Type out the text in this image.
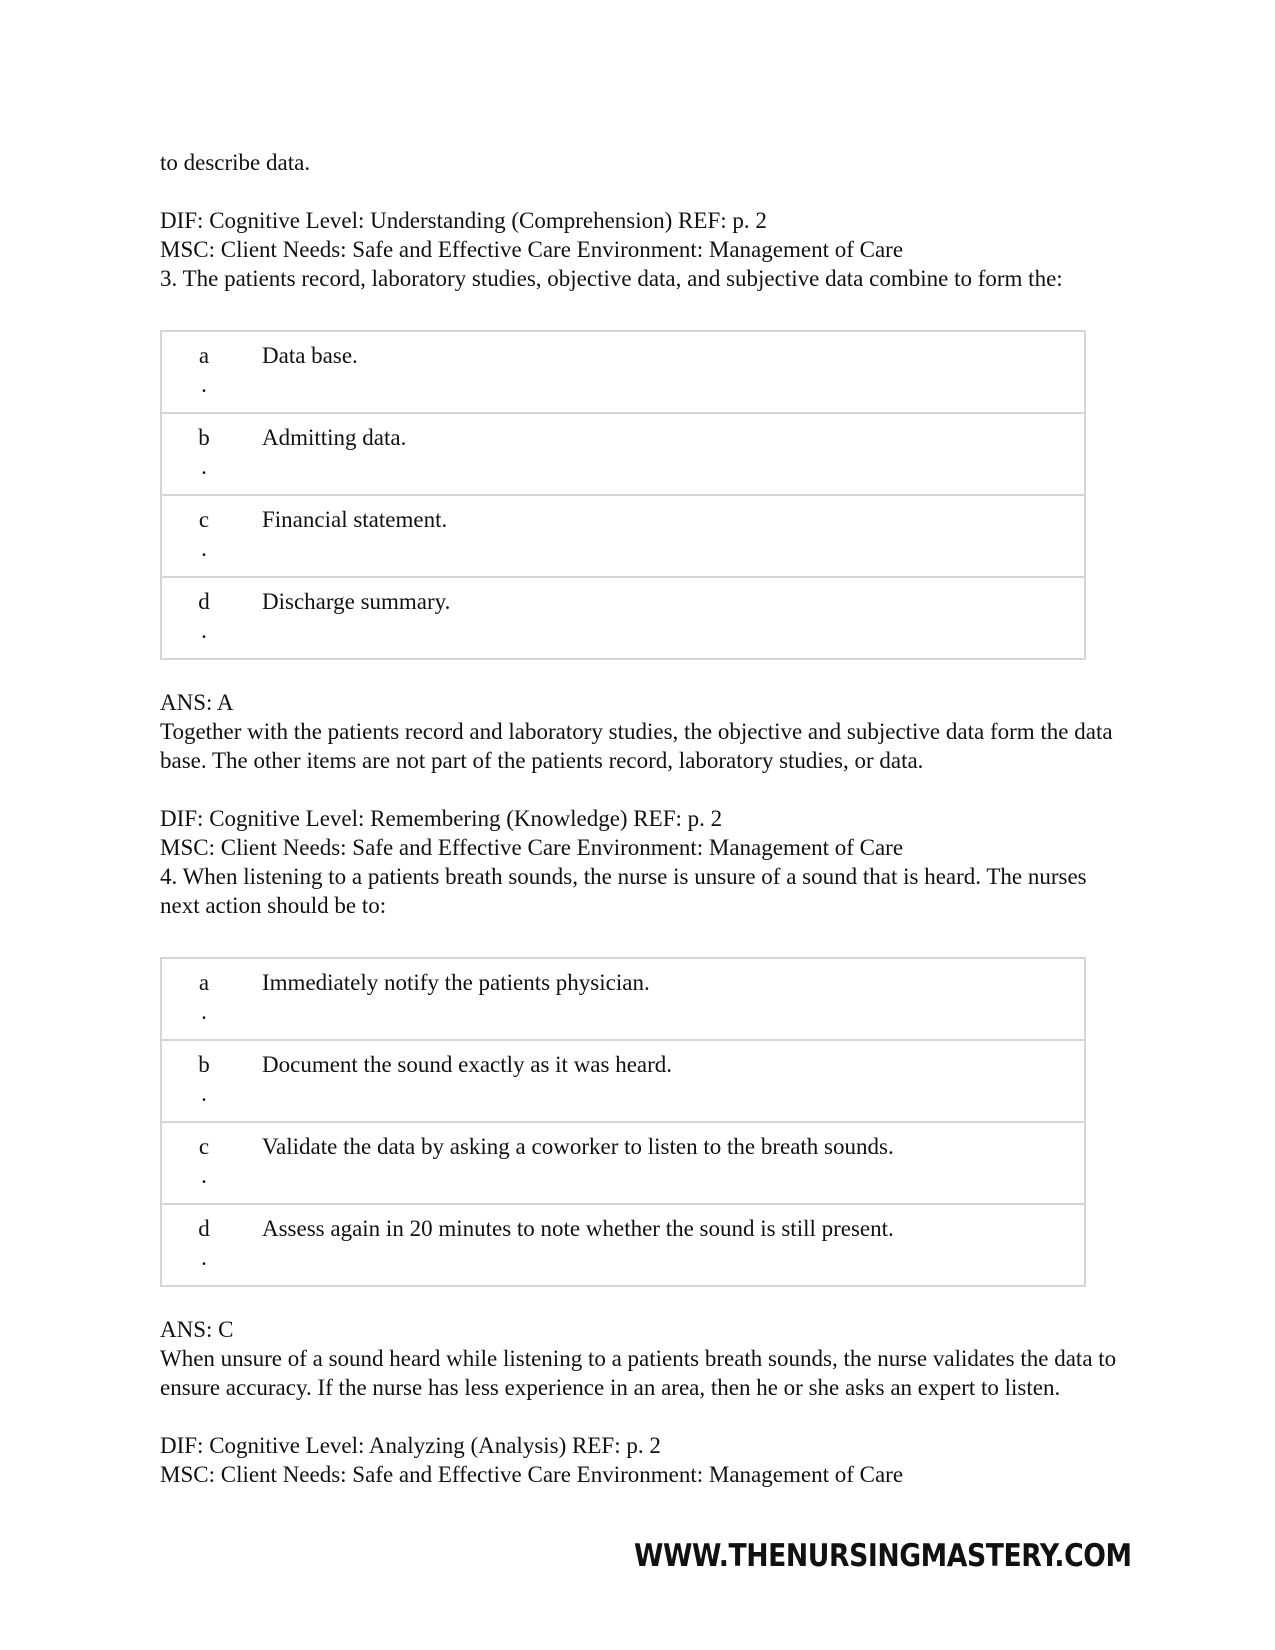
to describe data.

DIF: Cognitive Level: Understanding (Comprehension) REF: p. 2

MSC: Client Needs: Safe and Effective Care Environment: Management of Care

3. The patients record, laboratory studies, objective data, and subjective data combine to form the:

a
.	Data base.
b
.	Admitting data.
c
.	Financial statement.
d
.	Discharge summary.

ANS: A

Together with the patients record and laboratory studies, the objective and subjective data form the data base. The other items are not part of the patients record, laboratory studies, or data.

DIF: Cognitive Level: Remembering (Knowledge) REF: p. 2

MSC: Client Needs: Safe and Effective Care Environment: Management of Care

4. When listening to a patients breath sounds, the nurse is unsure of a sound that is heard. The nurses next action should be to:

a
.	Immediately notify the patients physician.
b
.	Document the sound exactly as it was heard.
c
.	Validate the data by asking a coworker to listen to the breath sounds.
d
.	Assess again in 20 minutes to note whether the sound is still present.

ANS: C

When unsure of a sound heard while listening to a patients breath sounds, the nurse validates the data to ensure accuracy. If the nurse has less experience in an area, then he or she asks an expert to listen.

DIF: Cognitive Level: Analyzing (Analysis) REF: p. 2

MSC: Client Needs: Safe and Effective Care Environment: Management of Care

WWW.THENURSINGMASTERY.COM
